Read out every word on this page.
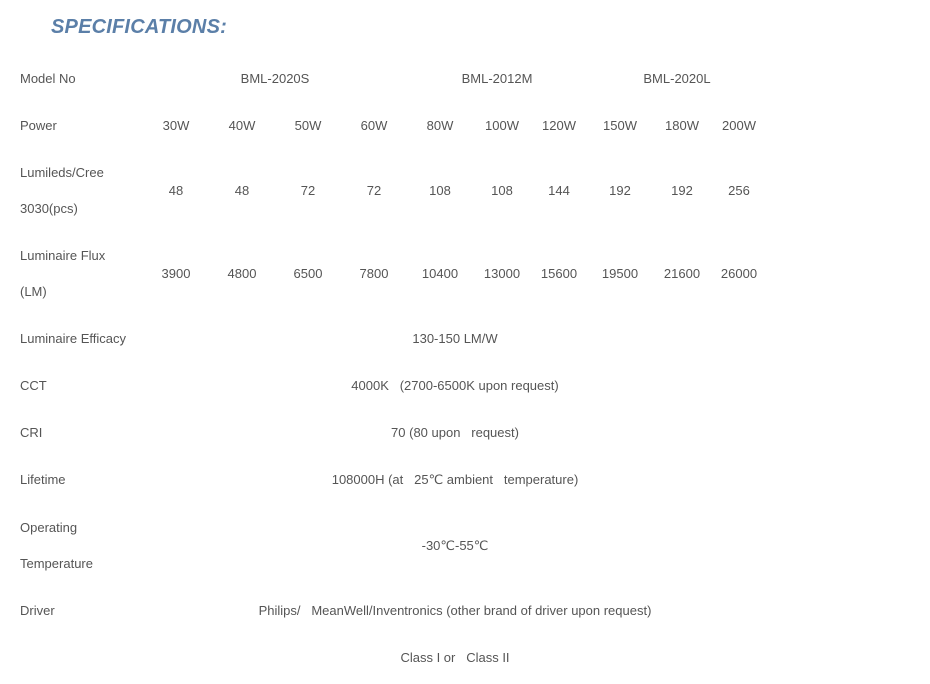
SPECIFICATIONS:
Model No	BML-2020S	BML-2012M	BML-2020L
Power	30W	40W	50W	60W	80W 100W 120W 150W 180W 200W
Lumileds/Cree
3030(pcs)
48	48	72	72	108	108	144	192	192	256
Luminaire Flux
(LM)
3900	4800	6500	7800	10400 13000 15600 19500 21600 26000
Luminaire Efficacy	130-150 LM/W
CCT	4000K   (2700-6500K upon request)
CRI	70 (80 upon   request)
Lifetime	108000H (at   25℃ ambient   temperature)
Operating
Temperature
-30℃-55℃
Driver	Philips/   MeanWell/Inventronics (other brand of driver upon request)
Class I or   Class II
